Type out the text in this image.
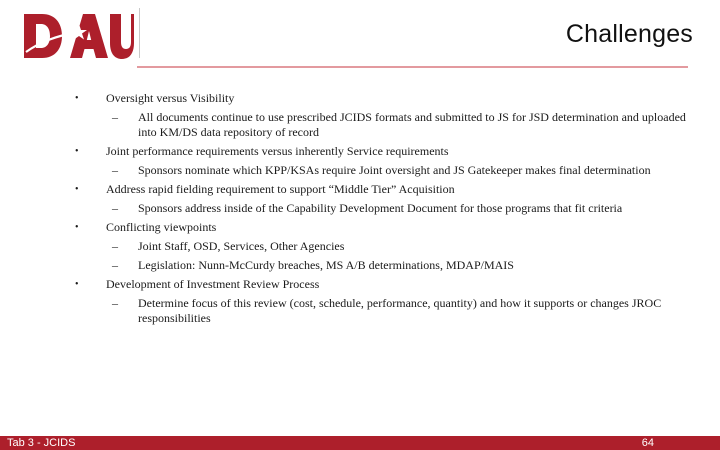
Challenges
• Oversight versus Visibility
– All documents continue to use prescribed JCIDS formats and submitted to JS for JSD determination and uploaded into KM/DS data repository of record
• Joint performance requirements versus inherently Service requirements
– Sponsors nominate which KPP/KSAs require Joint oversight and JS Gatekeeper makes final determination
• Address rapid fielding requirement to support “Middle Tier” Acquisition
– Sponsors address inside of the Capability Development Document for those programs that fit criteria
• Conflicting viewpoints
– Joint Staff, OSD, Services, Other Agencies
– Legislation: Nunn-McCurdy breaches, MS A/B determinations, MDAP/MAIS
• Development of Investment Review Process
– Determine focus of this review (cost, schedule, performance, quantity) and how it supports or changes JROC responsibilities
Tab 3 - JCIDS	64
